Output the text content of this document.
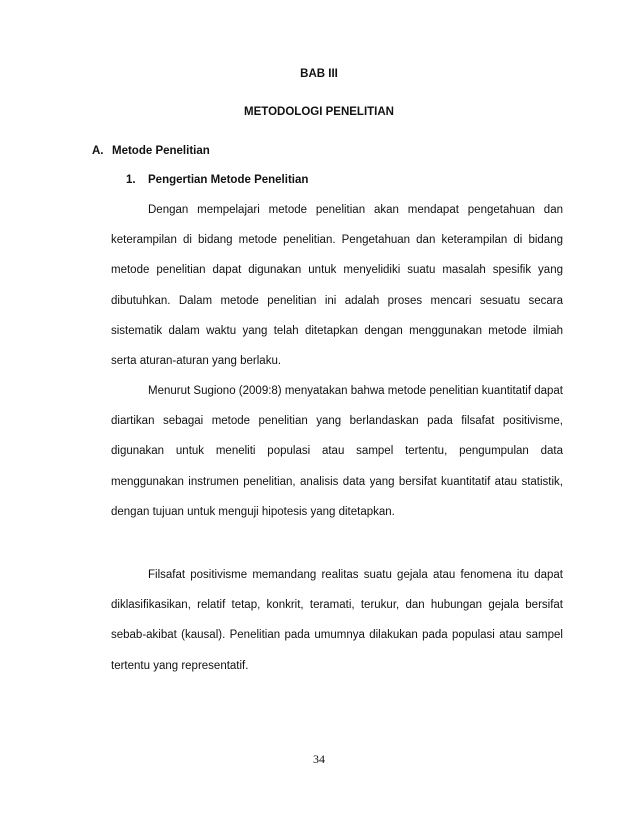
BAB III
METODOLOGI PENELITIAN
A. Metode Penelitian
1. Pengertian Metode Penelitian

Dengan mempelajari metode penelitian akan mendapat pengetahuan dan keterampilan di bidang metode penelitian. Pengetahuan dan keterampilan di bidang metode penelitian dapat digunakan untuk menyelidiki suatu masalah spesifik yang dibutuhkan. Dalam metode penelitian ini adalah proses mencari sesuatu secara sistematik dalam waktu yang telah ditetapkan dengan menggunakan metode ilmiah serta aturan-aturan yang berlaku.

Menurut Sugiono (2009:8) menyatakan bahwa metode penelitian kuantitatif dapat diartikan sebagai metode penelitian yang berlandaskan pada filsafat positivisme, digunakan untuk meneliti populasi atau sampel tertentu, pengumpulan data menggunakan instrumen penelitian, analisis data yang bersifat kuantitatif atau statistik, dengan tujuan untuk menguji hipotesis yang ditetapkan.

Filsafat positivisme memandang realitas suatu gejala atau fenomena itu dapat diklasifikasikan, relatif tetap, konkrit, teramati, terukur, dan hubungan gejala bersifat sebab-akibat (kausal). Penelitian pada umumnya dilakukan pada populasi atau sampel tertentu yang representatif.

34
